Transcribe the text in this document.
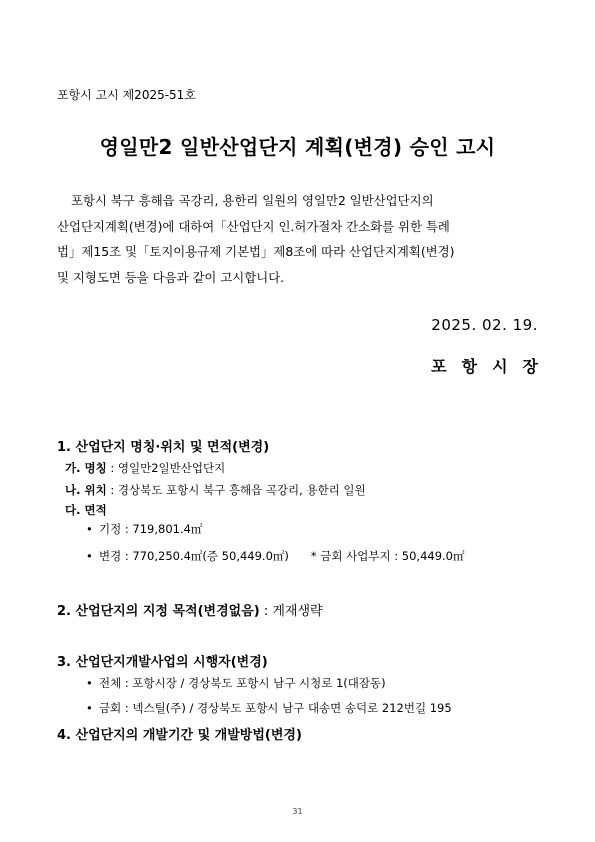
포항시 고시 제2025-51호
영일만2 일반산업단지 계획(변경) 승인 고시
포항시 북구 흥해읍 곡강리, 용한리 일원의 영일만2 일반산업단지의
산업단지계획(변경)에 대하여「산업단지 인.허가절차 간소화를 위한 특례
법」제15조 및「토지이용규제 기본법」제8조에 따라 산업단지계획(변경)
및 지형도면 등을 다음과 같이 고시합니다.
2025. 02. 19.
포항시장
1. 산업단지 명칭·위치 및 면적(변경)
가. 명칭 : 영일만2일반산업단지
나. 위치 : 경상북도 포항시 북구 흥해읍 곡강리, 용한리 일원
다. 면적
• 기정 : 719,801.4㎡
• 변경 : 770,250.4㎡(증 50,449.0㎡) * 금회 사업부지 : 50,449.0㎡
2. 산업단지의 지정 목적(변경없음) : 게재생략
3. 산업단지개발사업의 시행자(변경)
• 전체 : 포항시장 / 경상북도 포항시 남구 시청로 1(대잠동)
• 금회 : 넥스틸(주) / 경상북도 포항시 남구 대송면 송덕로 212번길 195
4. 산업단지의 개발기간 및 개발방법(변경)
31
